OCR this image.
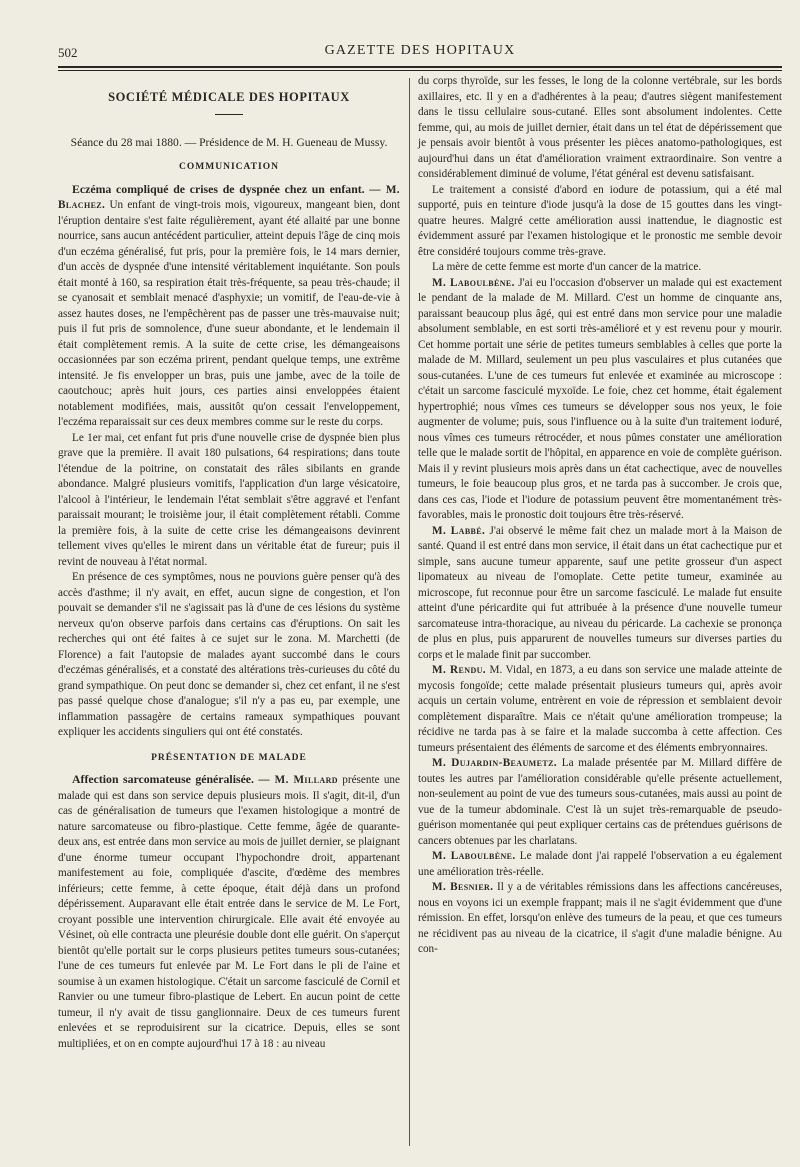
502	GAZETTE DES HOPITAUX
SOCIÉTÉ MÉDICALE DES HOPITAUX

Séance du 28 mai 1880. — Présidence de M. H. Gueneau de Mussy.

COMMUNICATION

Eczéma compliqué de crises de dyspnée chez un enfant. — M. Blachez. Un enfant de vingt-trois mois, vigoureux, mangeant bien, dont l'éruption dentaire s'est faite régulièrement, ayant été allaité par une bonne nourrice, sans aucun antécédent particulier, atteint depuis l'âge de cinq mois d'un eczéma généralisé, fut pris, pour la première fois, le 14 mars dernier, d'un accès de dyspnée d'une intensité véritablement inquiétante. Son pouls était monté à 160, sa respiration était très-fréquente, sa peau très-chaude; il se cyanosait et semblait menacé d'asphyxie; un vomitif, de l'eau-de-vie à assez hautes doses, ne l'empêchèrent pas de passer une très-mauvaise nuit; puis il fut pris de somnolence, d'une sueur abondante, et le lendemain il était complètement remis. A la suite de cette crise, les démangeaisons occasionnées par son eczéma prirent, pendant quelque temps, une extrême intensité. Je fis envelopper un bras, puis une jambe, avec de la toile de caoutchouc; après huit jours, ces parties ainsi enveloppées étaient notablement modifiées, mais, aussitôt qu'on cessait l'enveloppement, l'eczéma reparaissait sur ces deux membres comme sur le reste du corps.

Le 1er mai, cet enfant fut pris d'une nouvelle crise de dyspnée bien plus grave que la première. Il avait 180 pulsations, 64 respirations; dans toute l'étendue de la poitrine, on constatait des râles sibilants en grande abondance. Malgré plusieurs vomitifs, l'application d'un large vésicatoire, l'alcool à l'intérieur, le lendemain l'état semblait s'être aggravé et l'enfant paraissait mourant; le troisième jour, il était complètement rétabli. Comme la première fois, à la suite de cette crise les démangeaisons devinrent tellement vives qu'elles le mirent dans un véritable état de fureur; puis il revint de nouveau à l'état normal.

En présence de ces symptômes, nous ne pouvions guère penser qu'à des accès d'asthme; il n'y avait, en effet, aucun signe de congestion, et l'on pouvait se demander s'il ne s'agissait pas là d'une de ces lésions du système nerveux qu'on observe parfois dans certains cas d'éruptions. On sait les recherches qui ont été faites à ce sujet sur le zona. M. Marchetti (de Florence) a fait l'autopsie de malades ayant succombé dans le cours d'eczémas généralisés, et a constaté des altérations très-curieuses du côté du grand sympathique. On peut donc se demander si, chez cet enfant, il ne s'est pas passé quelque chose d'analogue; s'il n'y a pas eu, par exemple, une inflammation passagère de certains rameaux sympathiques pouvant expliquer les accidents singuliers qui ont été constatés.

PRÉSENTATION DE MALADE

Affection sarcomateuse généralisée. — M. Millard présente une malade qui est dans son service depuis plusieurs mois. Il s'agit, dit-il, d'un cas de généralisation de tumeurs que l'examen histologique a montré de nature sarcomateuse ou fibro-plastique. Cette femme, âgée de quarante-deux ans, est entrée dans mon service au mois de juillet dernier, se plaignant d'une énorme tumeur occupant l'hypochondre droit, appartenant manifestement au foie, compliquée d'ascite, d'œdème des membres inférieurs; cette femme, à cette époque, était déjà dans un profond dépérissement. Auparavant elle était entrée dans le service de M. Le Fort, croyant possible une intervention chirurgicale. Elle avait été envoyée au Vésinet, où elle contracta une pleurésie double dont elle guérit. On s'aperçut bientôt qu'elle portait sur le corps plusieurs petites tumeurs sous-cutanées; l'une de ces tumeurs fut enlevée par M. Le Fort dans le pli de l'aine et soumise à un examen histologique. C'était un sarcome fasciculé de Cornil et Ranvier ou une tumeur fibro-plastique de Lebert. En aucun point de cette tumeur, il n'y avait de tissu ganglionnaire. Deux de ces tumeurs furent enlevées et se reproduisirent sur la cicatrice. Depuis, elles se sont multipliées, et on en compte aujourd'hui 17 à 18 : au niveau

du corps thyroïde, sur les fesses, le long de la colonne vertébrale, sur les bords axillaires, etc. Il y en a d'adhérentes à la peau; d'autres siègent manifestement dans le tissu cellulaire sous-cutané. Elles sont absolument indolentes. Cette femme, qui, au mois de juillet dernier, était dans un tel état de dépérissement que je pensais avoir bientôt à vous présenter les pièces anatomo-pathologiques, est aujourd'hui dans un état d'amélioration vraiment extraordinaire. Son ventre a considérablement diminué de volume, l'état général est devenu satisfaisant.

Le traitement a consisté d'abord en iodure de potassium, qui a été mal supporté, puis en teinture d'iode jusqu'à la dose de 15 gouttes dans les vingt-quatre heures. Malgré cette amélioration aussi inattendue, le diagnostic est évidemment assuré par l'examen histologique et le pronostic me semble devoir être considéré toujours comme très-grave.

La mère de cette femme est morte d'un cancer de la matrice.

M. Laboulbène. J'ai eu l'occasion d'observer un malade qui est exactement le pendant de la malade de M. Millard. C'est un homme de cinquante ans, paraissant beaucoup plus âgé, qui est entré dans mon service pour une maladie absolument semblable, en est sorti très-amélioré et y est revenu pour y mourir. Cet homme portait une série de petites tumeurs semblables à celles que porte la malade de M. Millard, seulement un peu plus vasculaires et plus cutanées que sous-cutanées. L'une de ces tumeurs fut enlevée et examinée au microscope : c'était un sarcome fasciculé myxoïde. Le foie, chez cet homme, était également hypertrophié; nous vîmes ces tumeurs se développer sous nos yeux, le foie augmenter de volume; puis, sous l'influence ou à la suite d'un traitement ioduré, nous vîmes ces tumeurs rétrocéder, et nous pûmes constater une amélioration telle que le malade sortit de l'hôpital, en apparence en voie de complète guérison. Mais il y revint plusieurs mois après dans un état cachectique, avec de nouvelles tumeurs, le foie beaucoup plus gros, et ne tarda pas à succomber. Je crois que, dans ces cas, l'iode et l'iodure de potassium peuvent être momentanément très-favorables, mais le pronostic doit toujours être très-réservé.

M. Labbé. J'ai observé le même fait chez un malade mort à la Maison de santé. Quand il est entré dans mon service, il était dans un état cachectique pur et simple, sans aucune tumeur apparente, sauf une petite grosseur d'un aspect lipomateux au niveau de l'omoplate. Cette petite tumeur, examinée au microscope, fut reconnue pour être un sarcome fasciculé. Le malade fut ensuite atteint d'une péricardite qui fut attribuée à la présence d'une nouvelle tumeur sarcomateuse intra-thoracique, au niveau du péricarde. La cachexie se prononça de plus en plus, puis apparurent de nouvelles tumeurs sur diverses parties du corps et le malade finit par succomber.

M. Rendu. M. Vidal, en 1873, a eu dans son service une malade atteinte de mycosis fongoïde; cette malade présentait plusieurs tumeurs qui, après avoir acquis un certain volume, entrèrent en voie de répression et semblaient devoir complètement disparaître. Mais ce n'était qu'une amélioration trompeuse; la récidive ne tarda pas à se faire et la malade succomba à cette affection. Ces tumeurs présentaient des éléments de sarcome et des éléments embryonnaires.

M. Dujardin-Beaumetz. La malade présentée par M. Millard diffère de toutes les autres par l'amélioration considérable qu'elle présente actuellement, non-seulement au point de vue des tumeurs sous-cutanées, mais aussi au point de vue de la tumeur abdominale. C'est là un sujet très-remarquable de pseudo-guérison momentanée qui peut expliquer certains cas de prétendues guérisons de cancers obtenues par les charlatans.

M. Laboulbène. Le malade dont j'ai rappelé l'observation a eu également une amélioration très-réelle.

M. Besnier. Il y a de véritables rémissions dans les affections cancéreuses, nous en voyons ici un exemple frappant; mais il ne s'agit évidemment que d'une rémission. En effet, lorsqu'on enlève des tumeurs de la peau, et que ces tumeurs ne récidivent pas au niveau de la cicatrice, il s'agit d'une maladie bénigne. Au con-
